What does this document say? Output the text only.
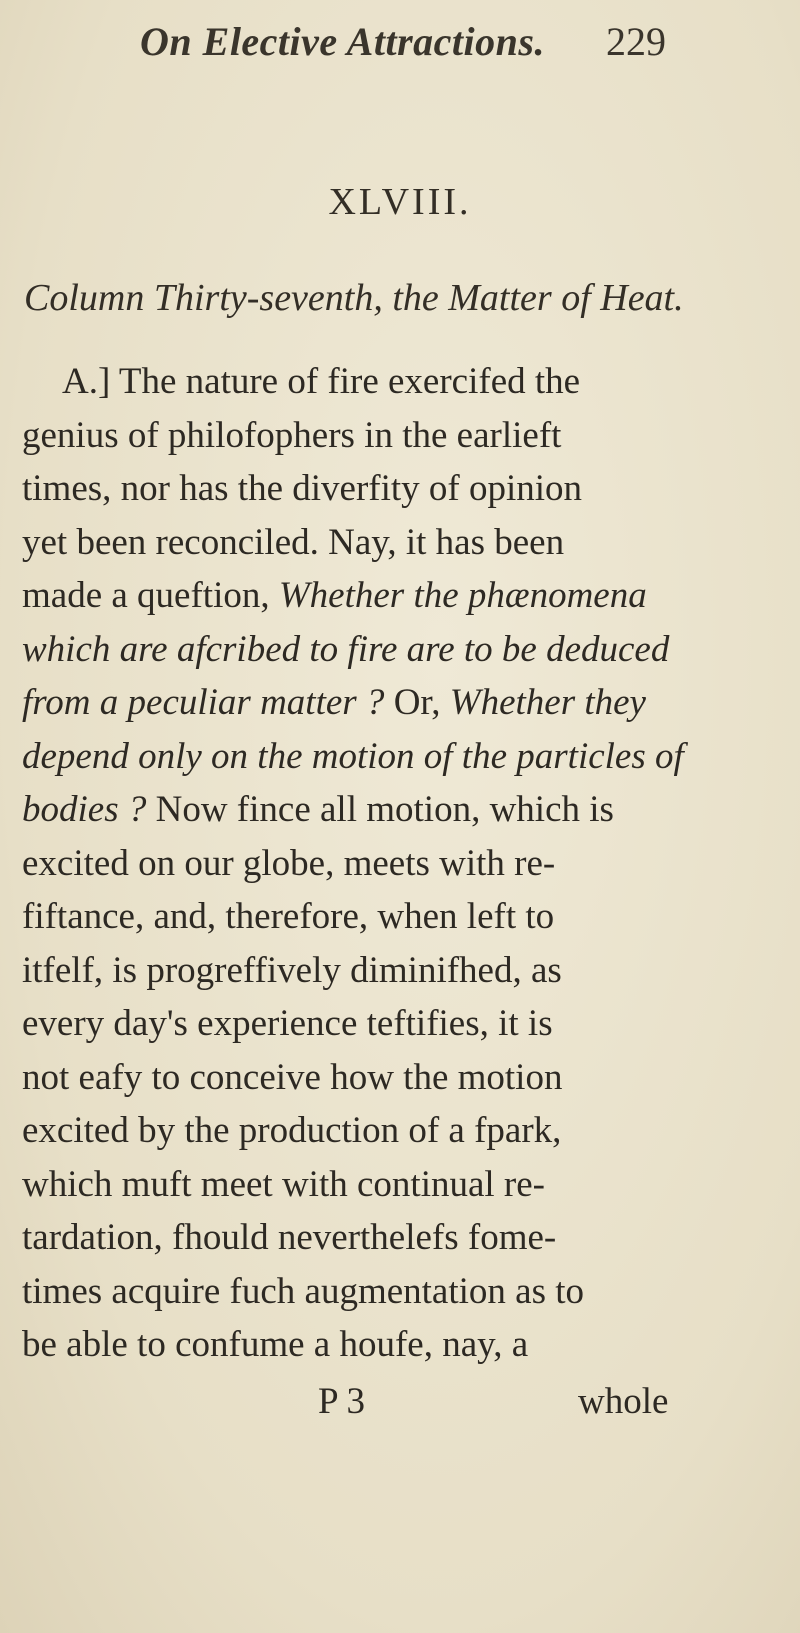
On Elective Attractions. 229
XLVIII.
Column Thirty-seventh, the Matter of Heat.
A.] The nature of fire exercifed the
genius of philofophers in the earlieft
times, nor has the diverfity of opinion
yet been reconciled. Nay, it has been
made a queftion, Whether the phænomena
which are afcribed to fire are to be deduced
from a peculiar matter ? Or, Whether they
depend only on the motion of the particles of
bodies ? Now fince all motion, which is
excited on our globe, meets with re-
fiftance, and, therefore, when left to
itfelf, is progreffively diminifhed, as
every day's experience teftifies, it is
not eafy to conceive how the motion
excited by the production of a fpark,
which muft meet with continual re-
tardation, fhould neverthelefs fome-
times acquire fuch augmentation as to
be able to confume a houfe, nay, a
P 3	whole
